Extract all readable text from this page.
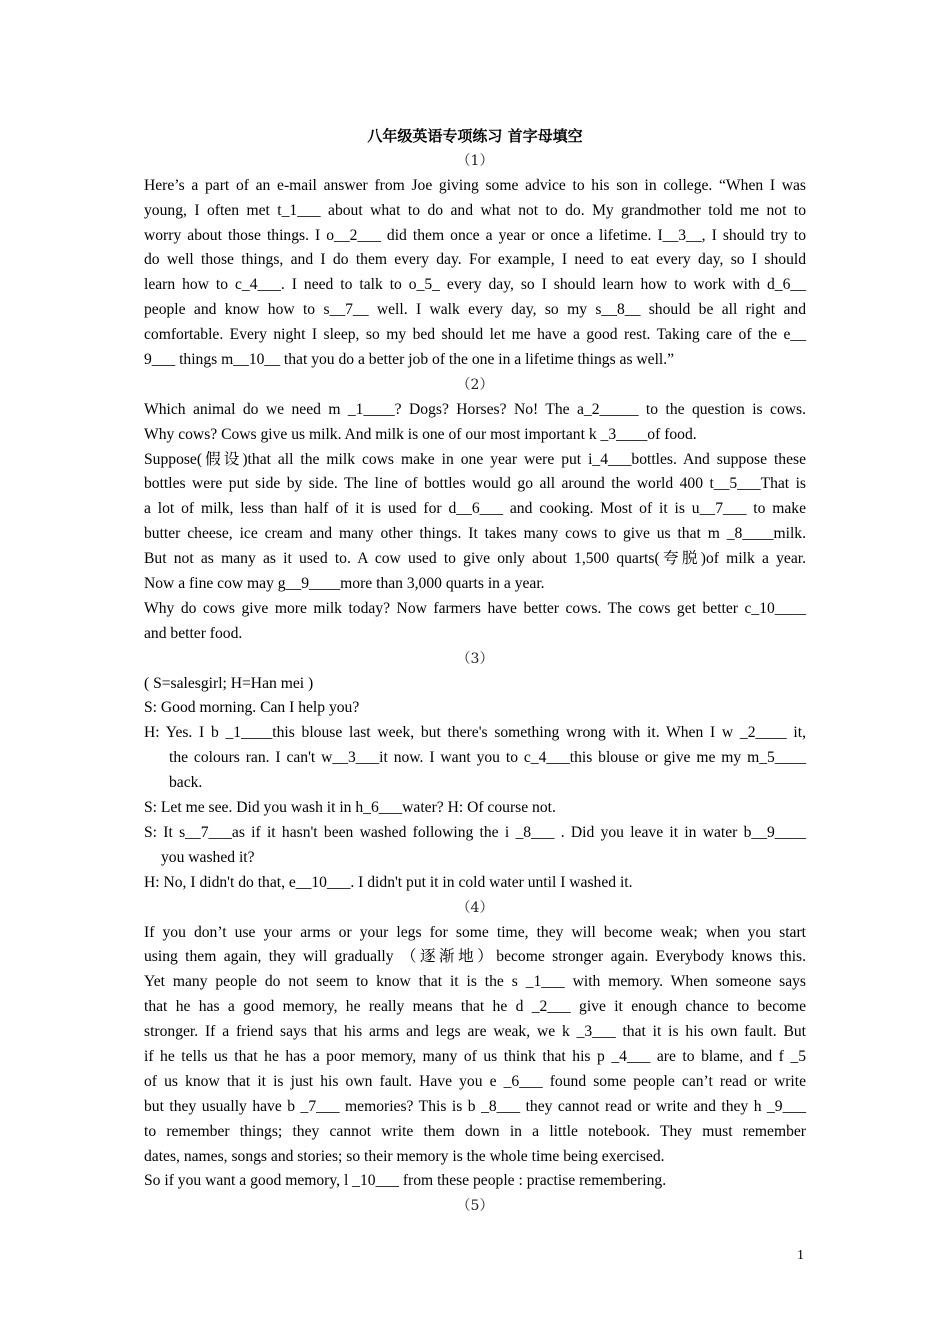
八年级英语专项练习 首字母填空
（1）
Here’s a part of an e-mail answer from Joe giving some advice to his son in college. “When I was
young, I often met t_1___ about what to do and what not to do. My grandmother told me not to
worry about those things. I o__2___ did them once a year or once a lifetime. I__3__, I should try to
do well those things, and I do them every day. For example, I need to eat every day, so I should
learn how to c_4___. I need to talk to o_5_ every day, so I should learn how to work with d_6__
people and know how to s__7__ well. I walk every day, so my s__8__ should be all right and
comfortable. Every night I sleep, so my bed should let me have a good rest. Taking care of the e__
9___ things m__10__ that you do a better job of the one in a lifetime things as well.”
（2）
Which animal do we need m _1____? Dogs? Horses? No! The a_2_____ to the question is cows.
Why cows? Cows give us milk. And milk is one of our most important k _3____of food.
Suppose(假设)that all the milk cows make in one year were put i_4___bottles. And suppose these
bottles were put side by side. The line of bottles would go all around the world 400 t__5___That is
a lot of milk, less than half of it is used for d__6___ and cooking. Most of it is u__7___ to make
butter cheese, ice cream and many other things. It takes many cows to give us that m _8____milk.
But not as many as it used to. A cow used to give only about 1,500 quarts(夸脱)of milk a year.
Now a fine cow may g__9____more than 3,000 quarts in a year.
Why do cows give more milk today? Now farmers have better cows. The cows get better c_10____
and better food.
（3）
( S=salesgirl; H=Han mei )
S: Good morning. Can I help you?
H: Yes. I b _1____this blouse last week, but there's something wrong with it. When I w _2____ it,
the colours ran. I can't w__3___it now. I want you to c_4___this blouse or give me my m_5____
back.
S: Let me see. Did you wash it in h_6___water? H: Of course not.
S: It s__7___as if it hasn't been washed following the i _8___ . Did you leave it in water b__9____
you washed it?
H: No, I didn't do that, e__10___. I didn't put it in cold water until I washed it.
（4）
If you don’t use your arms or your legs for some time, they will become weak; when you start
using them again, they will gradually （逐渐地）become stronger again. Everybody knows this.
Yet many people do not seem to know that it is the s _1___ with memory. When someone says
that he has a good memory, he really means that he d _2___ give it enough chance to become
stronger. If a friend says that his arms and legs are weak, we k _3___ that it is his own fault. But
if he tells us that he has a poor memory, many of us think that his p _4___ are to blame, and f _5
of us know that it is just his own fault. Have you e _6___ found some people can’t read or write
but they usually have b _7___ memories? This is b _8___ they cannot read or write and they h _9___
to remember things; they cannot write them down in a little notebook. They must remember
dates, names, songs and stories; so their memory is the whole time being exercised.
So if you want a good memory, l _10___ from these people : practise remembering.
（5）
1
